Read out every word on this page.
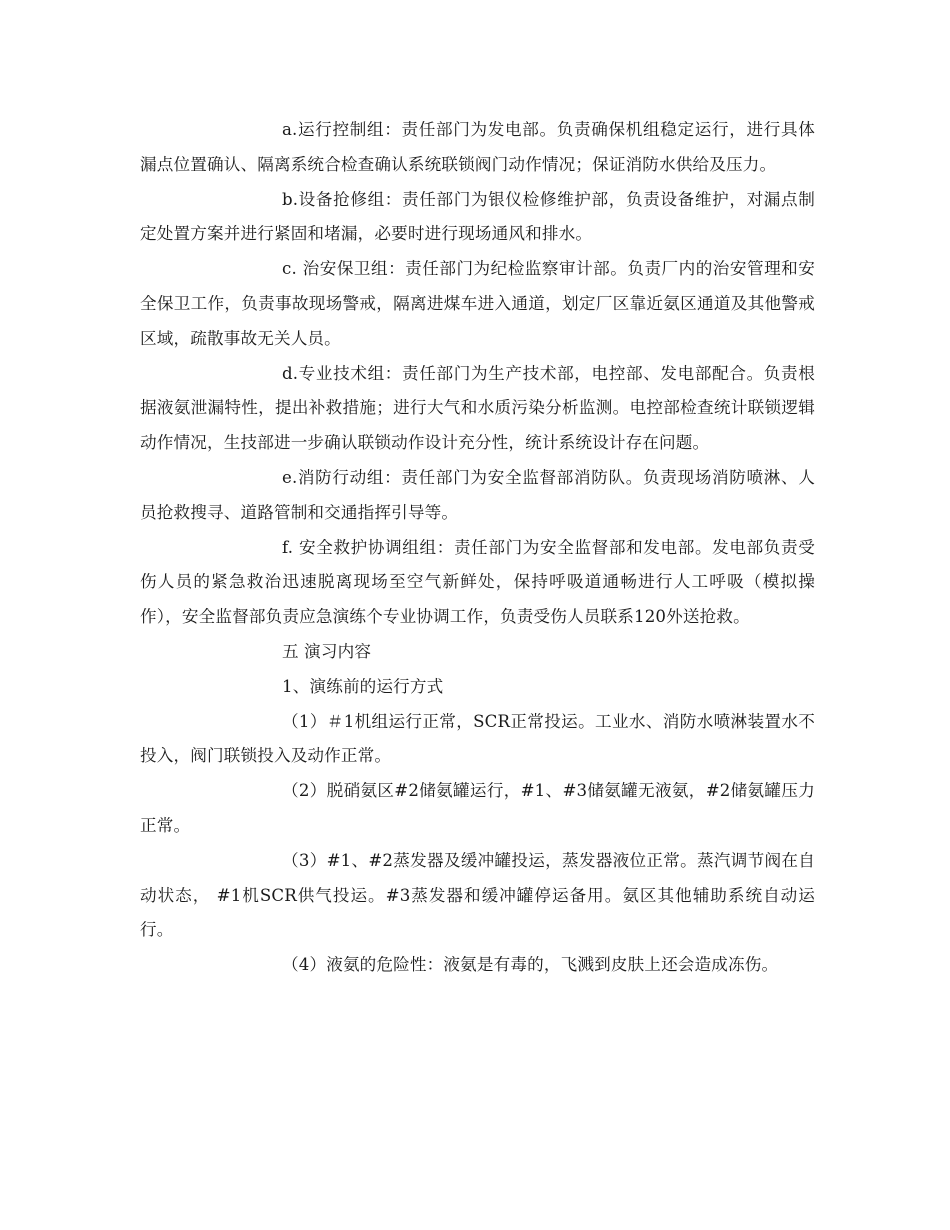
a.运行控制组：责任部门为发电部。负责确保机组稳定运行，进行具体漏点位置确认、隔离系统合检查确认系统联锁阀门动作情况；保证消防水供给及压力。

b.设备抢修组：责任部门为银仪检修维护部，负责设备维护，对漏点制定处置方案并进行紧固和堵漏，必要时进行现场通风和排水。

c. 治安保卫组：责任部门为纪检监察审计部。负责厂内的治安管理和安全保卫工作，负责事故现场警戒，隔离进煤车进入通道，划定厂区靠近氨区通道及其他警戒区域，疏散事故无关人员。

d.专业技术组：责任部门为生产技术部，电控部、发电部配合。负责根据液氨泄漏特性，提出补救措施；进行大气和水质污染分析监测。电控部检查统计联锁逻辑动作情况，生技部进一步确认联锁动作设计充分性，统计系统设计存在问题。

e.消防行动组：责任部门为安全监督部消防队。负责现场消防喷淋、人员抢救搜寻、道路管制和交通指挥引导等。

f. 安全救护协调组组：责任部门为安全监督部和发电部。发电部负责受伤人员的紧急救治迅速脱离现场至空气新鲜处，保持呼吸道通畅进行人工呼吸（模拟操作），安全监督部负责应急演练个专业协调工作，负责受伤人员联系120外送抢救。

五 演习内容

1、演练前的运行方式

（1）＃1机组运行正常，SCR正常投运。工业水、消防水喷淋装置水不投入，阀门联锁投入及动作正常。

（2）脱硝氨区#2储氨罐运行，#1、#3储氨罐无液氨，#2储氨罐压力正常。

（3）#1、#2蒸发器及缓冲罐投运，蒸发器液位正常。蒸汽调节阀在自动状态， #1机SCR供气投运。#3蒸发器和缓冲罐停运备用。氨区其他辅助系统自动运行。

（4）液氨的危险性：液氨是有毒的，飞溅到皮肤上还会造成冻伤。
